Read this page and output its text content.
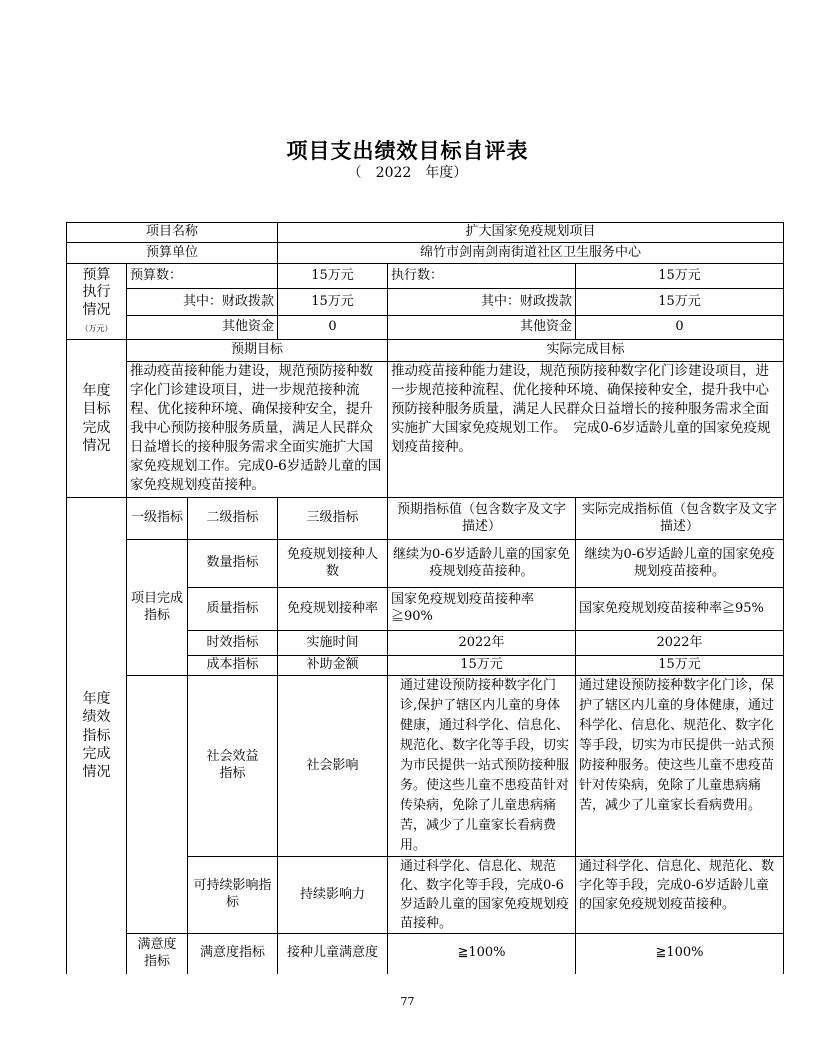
项目支出绩效目标自评表
（　2022　年度）
项目名称			扩大国家免疫规划项目		
预算单位			绵竹市剑南剑南街道社区卫生服务中心		
预算执行情况
（万元）	预算数：		15万元	执行数：	15万元
	其中：财政拨款		15万元	其中：财政拨款	15万元
	其他资金		0	其他资金	0
年度目标完成情况	预期目标			实际完成目标	
	推动疫苗接种能力建设，规范预防接种数字化门诊建设项目，进一步规范接种流程、优化接种环境、确保接种安全，提升我中心预防接种服务质量，满足人民群众日益增长的接种服务需求全面实施扩大国家免疫规划工作。完成0-6岁适龄儿童的国家免疫规划疫苗接种。			推动疫苗接种能力建设，规范预防接种数字化门诊建设项目，进一步规范接种流程、优化接种环境、确保接种安全，提升我中心预防接种服务质量，满足人民群众日益增长的接种服务需求全面实施扩大国家免疫规划工作。　完成0-6岁适龄儿童的国家免疫规划疫苗接种。	
年度绩效指标完成情况	一级指标	二级指标	三级指标	预期指标值（包含数字及文字描述）	实际完成指标值（包含数字及文字描述）
	项目完成指标	数量指标	免疫规划接种人数	继续为0-6岁适龄儿童的国家免疫规划疫苗接种。	继续为0-6岁适龄儿童的国家免疫规划疫苗接种。
		质量指标	免疫规划接种率	国家免疫规划疫苗接种率≧90%	国家免疫规划疫苗接种率≧95%
		时效指标	实施时间	2022年	2022年
		成本指标	补助金额	15万元	15万元
		社会效益指标	社会影响	通过建设预防接种数字化门诊,保护了辖区内儿童的身体健康，通过科学化、信息化、规范化、数字化等手段，切实为市民提供一站式预防接种服务。使这些儿童不患疫苗针对传染病，免除了儿童患病痛苦，减少了儿童家长看病费用。	通过建设预防接种数字化门诊，保护了辖区内儿童的身体健康，通过科学化、信息化、规范化、数字化等手段，切实为市民提供一站式预防接种服务。使这些儿童不患疫苗针对传染病，免除了儿童患病痛苦，减少了儿童家长看病费用。
		可持续影响指标	持续影响力	通过科学化、信息化、规范化、数字化等手段，完成0-6岁适龄儿童的国家免疫规划疫苗接种。	通过科学化、信息化、规范化、数字化等手段，完成0-6岁适龄儿童的国家免疫规划疫苗接种。
	满意度指标	满意度指标	接种儿童满意度	≧100%	≧100%
77
